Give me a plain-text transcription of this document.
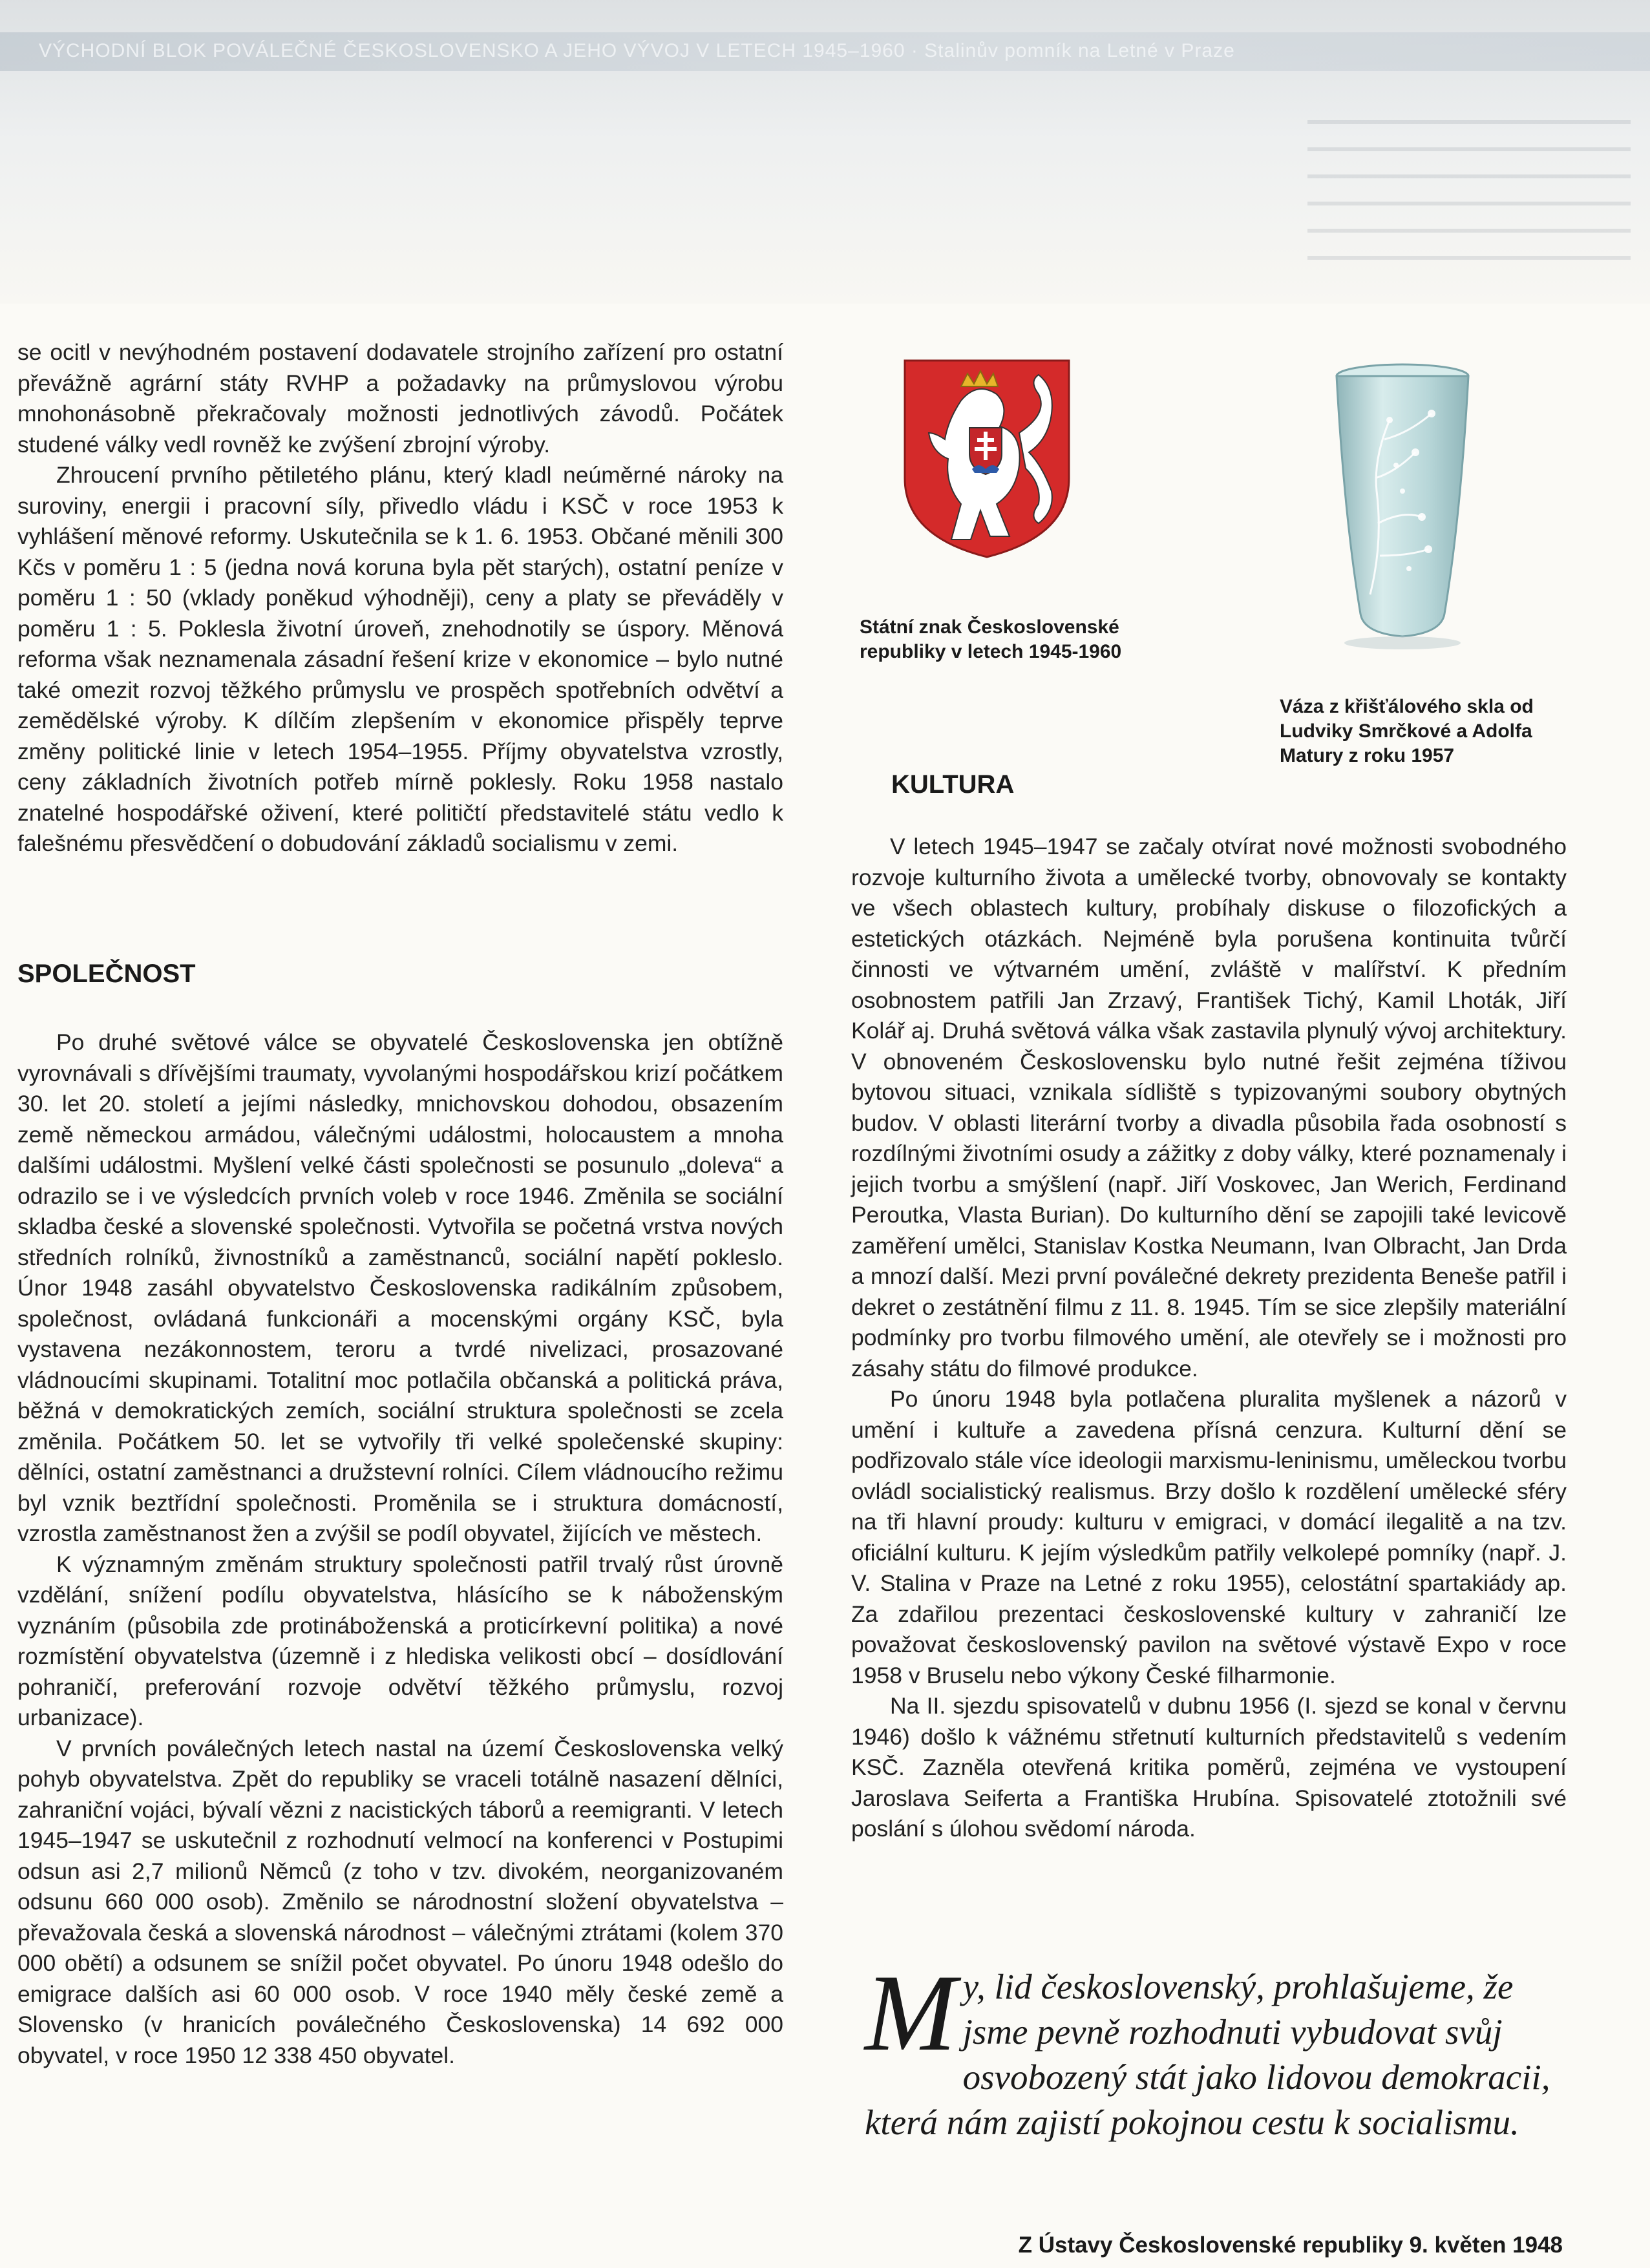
VÝCHODNÍ BLOK POVÁLEČNÉ ČESKOSLOVENSKO A JEHO VÝVOJ V LETECH 1945–1960 · Stalinův pomník na Letné v Praze

se ocitl v nevýhodném postavení dodavatele strojního zařízení pro ostatní převážně agrární státy RVHP a požadavky na průmyslovou výrobu mnohonásobně překračovaly možnosti jednotlivých závodů. Počátek studené války vedl rovněž ke zvýšení zbrojní výroby.

Zhroucení prvního pětiletého plánu, který kladl neúměrné nároky na suroviny, energii i pracovní síly, přivedlo vládu i KSČ v roce 1953 k vyhlášení měnové reformy. Uskutečnila se k 1. 6. 1953. Občané měnili 300 Kčs v poměru 1 : 5 (jedna nová koruna byla pět starých), ostatní peníze v poměru 1 : 50 (vklady poněkud výhodněji), ceny a platy se převáděly v poměru 1 : 5. Poklesla životní úroveň, znehodnotily se úspory. Měnová reforma však neznamenala zásadní řešení krize v ekonomice – bylo nutné také omezit rozvoj těžkého průmyslu ve prospěch spotřebních odvětví a zemědělské výroby. K dílčím zlepšením v ekonomice přispěly teprve změny politické linie v letech 1954–1955. Příjmy obyvatelstva vzrostly, ceny základních životních potřeb mírně poklesly. Roku 1958 nastalo znatelné hospodářské oživení, které političtí představitelé státu vedlo k falešnému přesvědčení o dobudování základů socialismu v zemi.

SPOLEČNOST

Po druhé světové válce se obyvatelé Československa jen obtížně vyrovnávali s dřívějšími traumaty, vyvolanými hospodářskou krizí počátkem 30. let 20. století a jejími následky, mnichovskou dohodou, obsazením země německou armádou, válečnými událostmi, holocaustem a mnoha dalšími událostmi. Myšlení velké části společnosti se posunulo „doleva“ a odrazilo se i ve výsledcích prvních voleb v roce 1946. Změnila se sociální skladba české a slovenské společnosti. Vytvořila se početná vrstva nových středních rolníků, živnostníků a zaměstnanců, sociální napětí pokleslo. Únor 1948 zasáhl obyvatelstvo Československa radikálním způsobem, společnost, ovládaná funkcionáři a mocenskými orgány KSČ, byla vystavena nezákonnostem, teroru a tvrdé nivelizaci, prosazované vládnoucími skupinami. Totalitní moc potlačila občanská a politická práva, běžná v demokratických zemích, sociální struktura společnosti se zcela změnila. Počátkem 50. let se vytvořily tři velké společenské skupiny: dělníci, ostatní zaměstnanci a družstevní rolníci. Cílem vládnoucího režimu byl vznik beztřídní společnosti. Proměnila se i struktura domácností, vzrostla zaměstnanost žen a zvýšil se podíl obyvatel, žijících ve městech.

K významným změnám struktury společnosti patřil trvalý růst úrovně vzdělání, snížení podílu obyvatelstva, hlásícího se k náboženským vyznáním (působila zde protináboženská a proticírkevní politika) a nové rozmístění obyvatelstva (územně i z hlediska velikosti obcí – dosídlování pohraničí, preferování rozvoje odvětví těžkého průmyslu, rozvoj urbanizace).

V prvních poválečných letech nastal na území Československa velký pohyb obyvatelstva. Zpět do republiky se vraceli totálně nasazení dělníci, zahraniční vojáci, bývalí vězni z nacistických táborů a reemigranti. V letech 1945–1947 se uskutečnil z rozhodnutí velmocí na konferenci v Postupimi odsun asi 2,7 milionů Němců (z toho v tzv. divokém, neorganizovaném odsunu 660 000 osob). Změnilo se národnostní složení obyvatelstva – převažovala česká a slovenská národnost – válečnými ztrátami (kolem 370 000 obětí) a odsunem se snížil počet obyvatel. Po únoru 1948 odešlo do emigrace dalších asi 60 000 osob. V roce 1940 měly české země a Slovensko (v hranicích poválečného Československa) 14 692 000 obyvatel, v roce 1950 12 338 450 obyvatel.

Státní znak Československé republiky v letech 1945-1960
Váza z křišťálového skla od Ludviky Smrčkové a Adolfa Matury z roku 1957
KULTURA

V letech 1945–1947 se začaly otvírat nové možnosti svobodného rozvoje kulturního života a umělecké tvorby, obnovovaly se kontakty ve všech oblastech kultury, probíhaly diskuse o filozofických a estetických otázkách. Nejméně byla porušena kontinuita tvůrčí činnosti ve výtvarném umění, zvláště v malířství. K předním osobnostem patřili Jan Zrzavý, František Tichý, Kamil Lhoták, Jiří Kolář aj. Druhá světová válka však zastavila plynulý vývoj architektury. V obnoveném Československu bylo nutné řešit zejména tíživou bytovou situaci, vznikala sídliště s typizovanými soubory obytných budov. V oblasti literární tvorby a divadla působila řada osobností s rozdílnými životními osudy a zážitky z doby války, které poznamenaly i jejich tvorbu a smýšlení (např. Jiří Voskovec, Jan Werich, Ferdinand Peroutka, Vlasta Burian). Do kulturního dění se zapojili také levicově zaměření umělci, Stanislav Kostka Neumann, Ivan Olbracht, Jan Drda a mnozí další. Mezi první poválečné dekrety prezidenta Beneše patřil i dekret o zestátnění filmu z 11. 8. 1945. Tím se sice zlepšily materiální podmínky pro tvorbu filmového umění, ale otevřely se i možnosti pro zásahy státu do filmové produkce.

Po únoru 1948 byla potlačena pluralita myšlenek a názorů v umění i kultuře a zavedena přísná cenzura. Kulturní dění se podřizovalo stále více ideologii marxismu-leninismu, uměleckou tvorbu ovládl socialistický realismus. Brzy došlo k rozdělení umělecké sféry na tři hlavní proudy: kulturu v emigraci, v domácí ilegalitě a na tzv. oficiální kulturu. K jejím výsledkům patřily velkolepé pomníky (např. J. V. Stalina v Praze na Letné z roku 1955), celostátní spartakiády ap. Za zdařilou prezentaci československé kultury v zahraničí lze považovat československý pavilon na světové výstavě Expo v roce 1958 v Bruselu nebo výkony České filharmonie.

Na II. sjezdu spisovatelů v dubnu 1956 (I. sjezd se konal v červnu 1946) došlo k vážnému střetnutí kulturních představitelů s vedením KSČ. Zazněla otevřená kritika poměrů, zejména ve vystoupení Jaroslava Seiferta a Františka Hrubína. Spisovatelé ztotožnili své poslání s úlohou svědomí národa.

M y, lid československý, prohlašujeme, že jsme pevně rozhodnuti vybudovat svůj osvobozený stát jako lidovou demokracii, která nám zajistí pokojnou cestu k socialismu.
Z Ústavy Československé republiky 9. květen 1948
